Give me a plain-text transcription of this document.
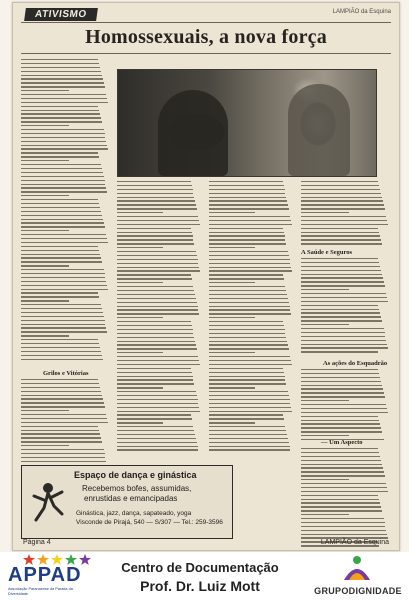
ATIVISMO	LAMPIÃO da Esquina
Homossexuais, a nova força
Grilos e Vitórias
A Saúde e Seguros
As ações do Esquadrão
— Um Aspecto
Espaço de dança e ginástica
Recebemos bofes, assumidas,
enrustidas e emancipadas
Ginástica, jazz, dança, sapateado, yoga
Visconde de Pirajá, 540 — S/307 — Tel.: 259-3596
Página 4	LAMPIÃO da Esquina
APPAD
Associação Paranaense da Parada da Diversidade
Centro de Documentação
Prof. Dr. Luiz Mott	GRUPODIGNIDADE
